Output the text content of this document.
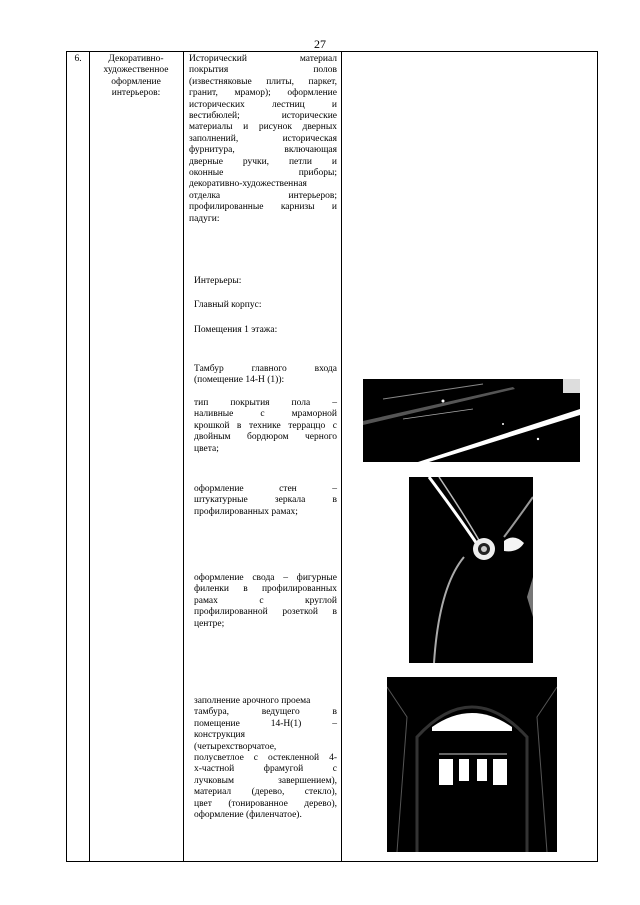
27
6.	Декоративно-художественное оформление интерьеров:
Исторический материал
покрытия полов
(известняковые плиты, паркет,
гранит, мрамор); оформление
исторических лестниц и
вестибюлей; исторические
материалы и рисунок дверных
заполнений, историческая
фурнитура, включающая
дверные ручки, петли и
оконные приборы;
декоративно-художественная
отделка интерьеров;
профилированные карнизы и
падуги:
Интерьеры:
Главный корпус:
Помещения 1 этажа:
Тамбур главного входа
(помещение 14-Н (1)):
тип покрытия пола –
наливные с мраморной
крошкой в технике терраццо с
двойным бордюром черного
цвета;
оформление стен –
штукатурные зеркала в
профилированных рамах;
оформление свода – фигурные
филенки в профилированных
рамах с круглой
профилированной розеткой в
центре;
заполнение арочного проема
тамбура, ведущего в
помещение 14-Н(1) –
конструкция
(четырехстворчатое,
полусветлое с остекленной 4-
х-частной фрамугой с
лучковым завершением),
материал (дерево, стекло),
цвет (тонированное дерево),
оформление (филенчатое).
